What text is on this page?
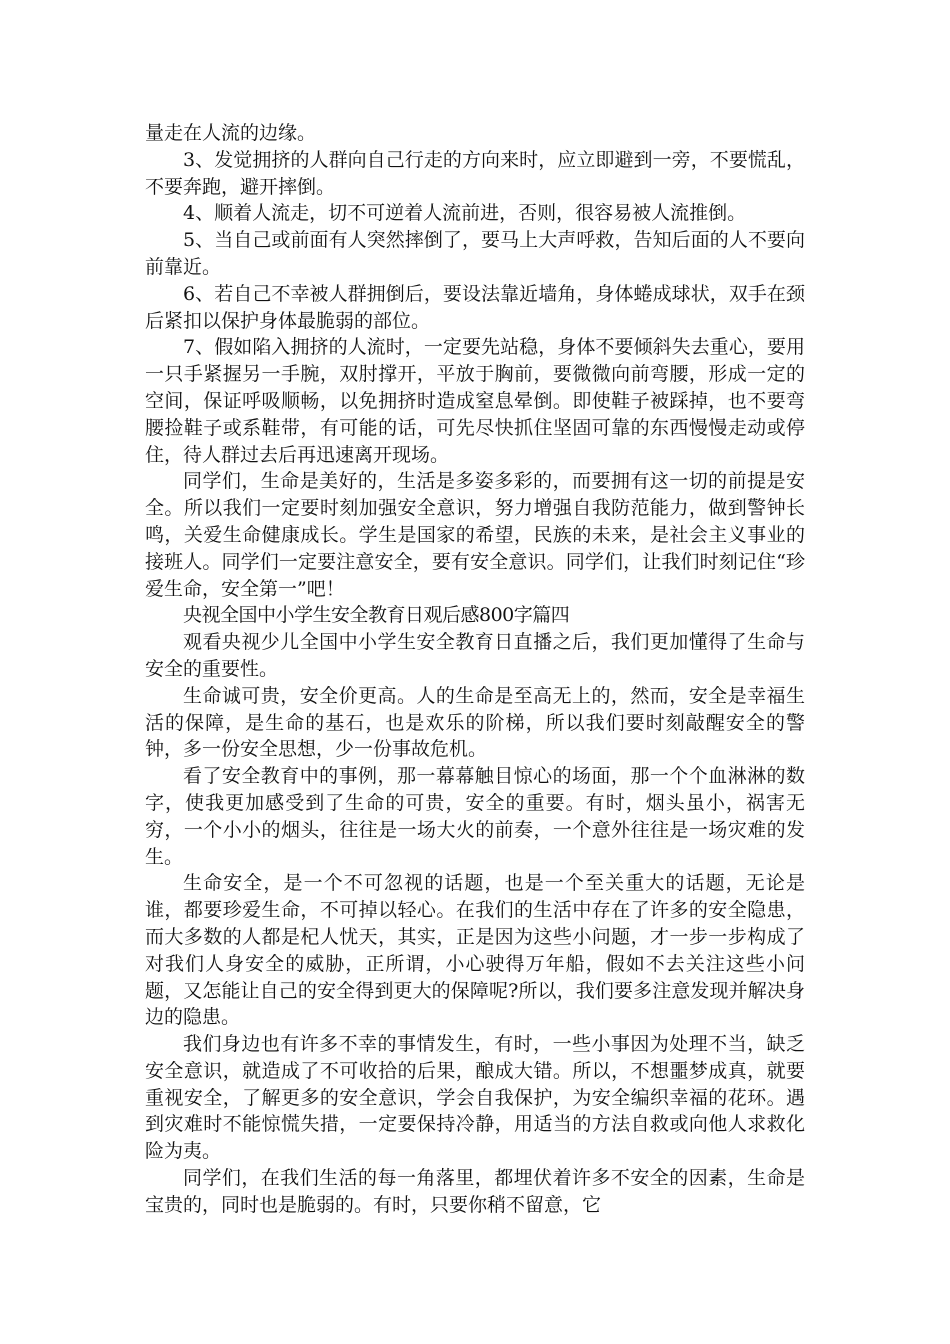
量走在人流的边缘。

3、发觉拥挤的人群向自己行走的方向来时，应立即避到一旁，不要慌乱，不要奔跑，避开摔倒。

4、顺着人流走，切不可逆着人流前进，否则，很容易被人流推倒。

5、当自己或前面有人突然摔倒了，要马上大声呼救，告知后面的人不要向前靠近。

6、若自己不幸被人群拥倒后，要设法靠近墙角，身体蜷成球状，双手在颈后紧扣以保护身体最脆弱的部位。

7、假如陷入拥挤的人流时，一定要先站稳，身体不要倾斜失去重心，要用一只手紧握另一手腕，双肘撑开，平放于胸前，要微微向前弯腰，形成一定的空间，保证呼吸顺畅，以免拥挤时造成窒息晕倒。即使鞋子被踩掉，也不要弯腰捡鞋子或系鞋带，有可能的话，可先尽快抓住坚固可靠的东西慢慢走动或停住，待人群过去后再迅速离开现场。

同学们，生命是美好的，生活是多姿多彩的，而要拥有这一切的前提是安全。所以我们一定要时刻加强安全意识，努力增强自我防范能力，做到警钟长鸣，关爱生命健康成长。学生是国家的希望，民族的未来，是社会主义事业的接班人。同学们一定要注意安全，要有安全意识。同学们，让我们时刻记住“珍爱生命，安全第一”吧！

央视全国中小学生安全教育日观后感800字篇四

观看央视少儿全国中小学生安全教育日直播之后，我们更加懂得了生命与安全的重要性。

生命诚可贵，安全价更高。人的生命是至高无上的，然而，安全是幸福生活的保障，是生命的基石，也是欢乐的阶梯，所以我们要时刻敲醒安全的警钟，多一份安全思想，少一份事故危机。

看了安全教育中的事例，那一幕幕触目惊心的场面，那一个个血淋淋的数字，使我更加感受到了生命的可贵，安全的重要。有时，烟头虽小，祸害无穷，一个小小的烟头，往往是一场大火的前奏，一个意外往往是一场灾难的发生。

生命安全，是一个不可忽视的话题，也是一个至关重大的话题，无论是谁，都要珍爱生命，不可掉以轻心。在我们的生活中存在了许多的安全隐患，而大多数的人都是杞人忧天，其实，正是因为这些小问题，才一步一步构成了对我们人身安全的威胁，正所谓，小心驶得万年船，假如不去关注这些小问题，又怎能让自己的安全得到更大的保障呢?所以，我们要多注意发现并解决身边的隐患。

我们身边也有许多不幸的事情发生，有时，一些小事因为处理不当，缺乏安全意识，就造成了不可收拾的后果，酿成大错。所以，不想噩梦成真，就要重视安全，了解更多的安全意识，学会自我保护，为安全编织幸福的花环。遇到灾难时不能惊慌失措，一定要保持冷静，用适当的方法自救或向他人求救化险为夷。

同学们，在我们生活的每一角落里，都埋伏着许多不安全的因素，生命是宝贵的，同时也是脆弱的。有时，只要你稍不留意，它
